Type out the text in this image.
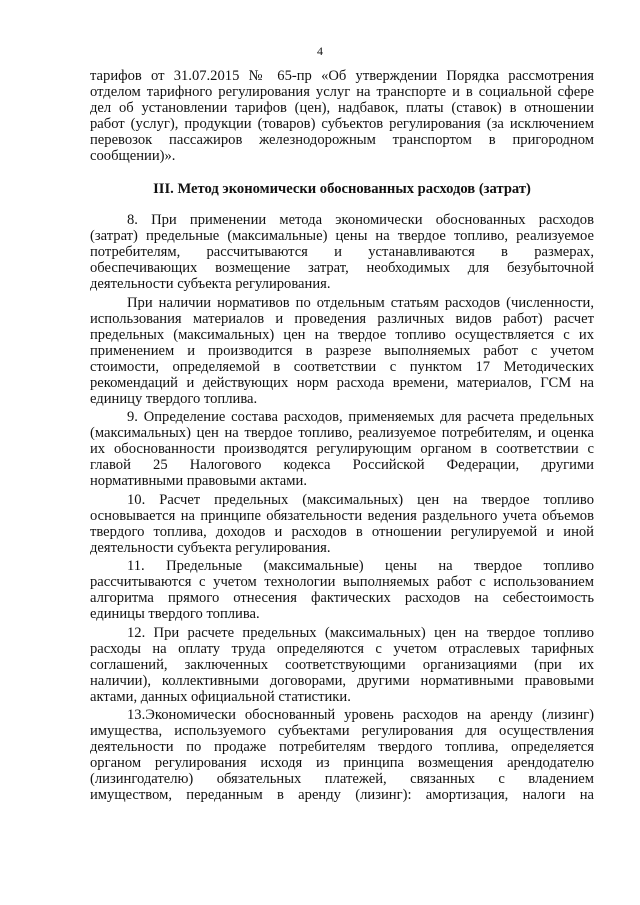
4
тарифов от 31.07.2015 № 65-пр «Об утверждении Порядка рассмотрения
отделом тарифного регулирования услуг на транспорте и в социальной сфере
дел об установлении тарифов (цен), надбавок, платы (ставок) в отношении
работ (услуг), продукции (товаров) субъектов регулирования (за исключением
перевозок пассажиров железнодорожным транспортом в пригородном
сообщении)».
III. Метод экономически обоснованных расходов (затрат)
8. При применении метода экономически обоснованных расходов
(затрат) предельные (максимальные) цены на твердое топливо, реализуемое
потребителям, рассчитываются и устанавливаются в размерах,
обеспечивающих возмещение затрат, необходимых для безубыточной
деятельности субъекта регулирования.
При наличии нормативов по отдельным статьям расходов (численности,
использования материалов и проведения различных видов работ) расчет
предельных (максимальных) цен на твердое топливо осуществляется с их
применением и производится в разрезе выполняемых работ с учетом
стоимости, определяемой в соответствии с пунктом 17 Методических
рекомендаций и действующих норм расхода времени, материалов, ГСМ на
единицу твердого топлива.
9. Определение состава расходов, применяемых для расчета предельных
(максимальных) цен на твердое топливо, реализуемое потребителям, и оценка
их обоснованности производятся регулирующим органом в соответствии с
главой 25 Налогового кодекса Российской Федерации, другими
нормативными правовыми актами.
10. Расчет предельных (максимальных) цен на твердое топливо
основывается на принципе обязательности ведения раздельного учета объемов
твердого топлива, доходов и расходов в отношении регулируемой и иной
деятельности субъекта регулирования.
11. Предельные (максимальные) цены на твердое топливо
рассчитываются с учетом технологии выполняемых работ с использованием
алгоритма прямого отнесения фактических расходов на себестоимость
единицы твердого топлива.
12. При расчете предельных (максимальных) цен на твердое топливо
расходы на оплату труда определяются с учетом отраслевых тарифных
соглашений, заключенных соответствующими организациями (при их
наличии), коллективными договорами, другими нормативными правовыми
актами, данных официальной статистики.
13.Экономически обоснованный уровень расходов на аренду (лизинг)
имущества, используемого субъектами регулирования для осуществления
деятельности по продаже потребителям твердого топлива, определяется
органом регулирования исходя из принципа возмещения арендодателю
(лизингодателю) обязательных платежей, связанных с владением
имуществом, переданным в аренду (лизинг): амортизация, налоги на
